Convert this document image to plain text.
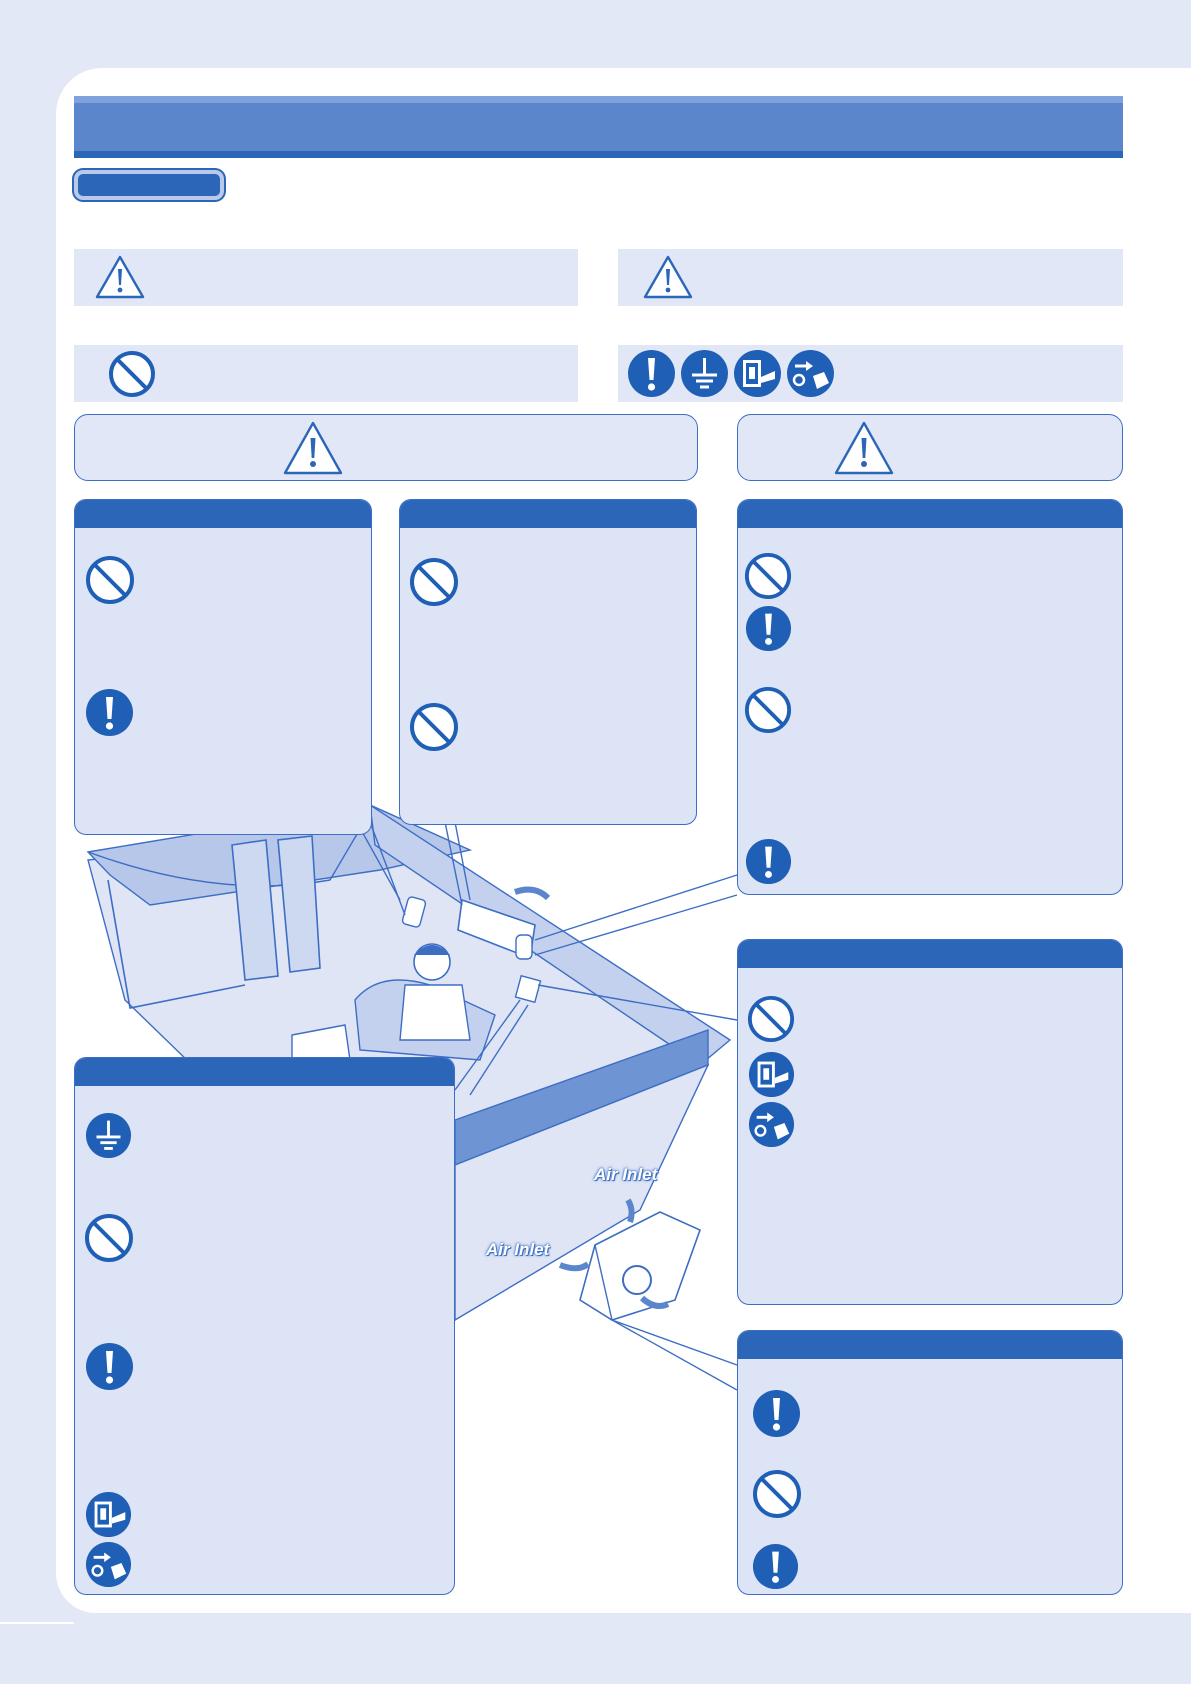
Air Inlet
Air Inlet
